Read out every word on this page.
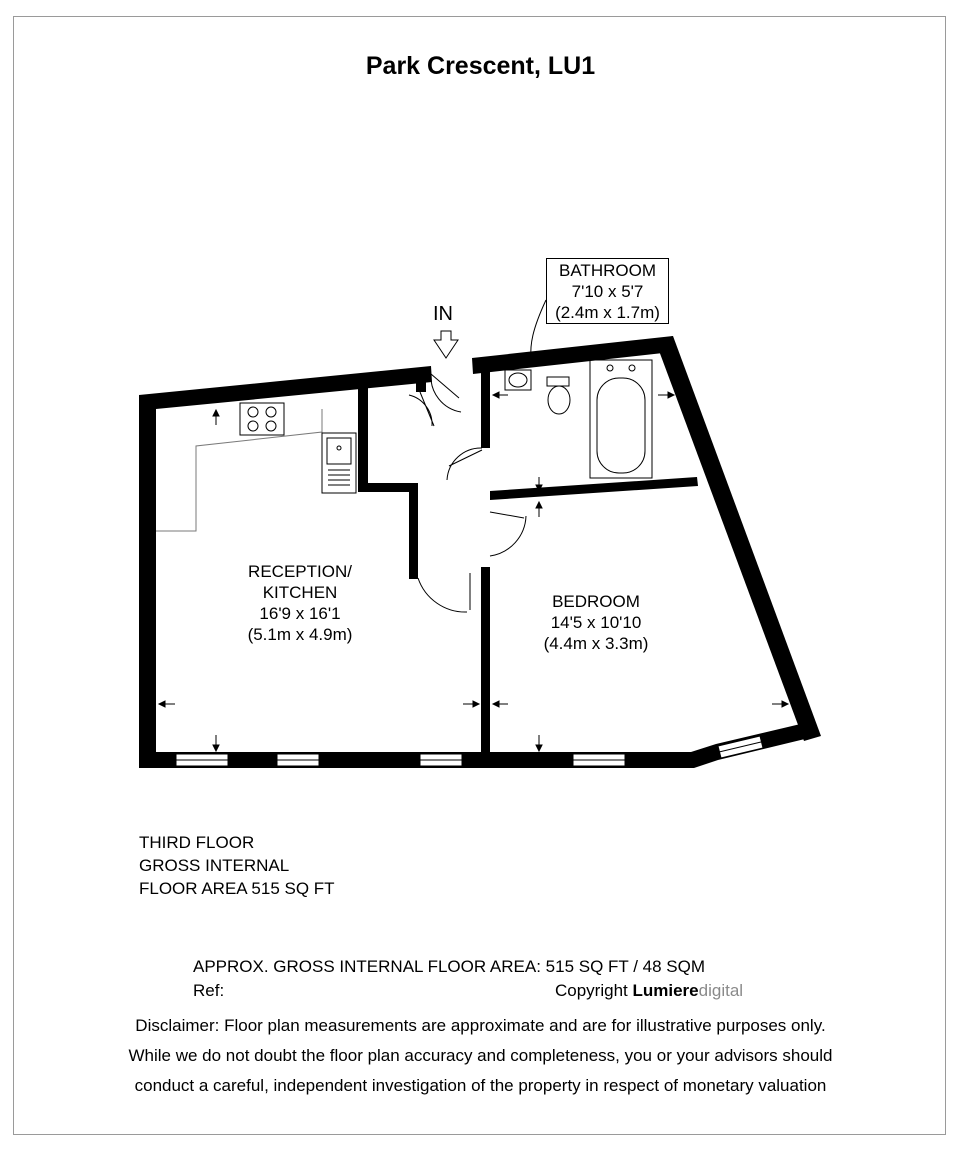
Park Crescent, LU1
IN
RECEPTION/
KITCHEN
16'9 x 16'1
(5.1m x 4.9m)
BEDROOM
14'5 x 10'10
(4.4m x 3.3m)
BATHROOM
7'10 x 5'7
(2.4m x 1.7m)
THIRD FLOOR
GROSS INTERNAL
FLOOR AREA 515 SQ FT
APPROX. GROSS INTERNAL FLOOR AREA: 515 SQ FT / 48 SQM
Ref:	Copyright Lumieredigital
Disclaimer: Floor plan measurements are approximate and are for illustrative purposes only.
While we do not doubt the floor plan accuracy and completeness, you or your advisors should
conduct a careful, independent investigation of the property in respect of monetary valuation
